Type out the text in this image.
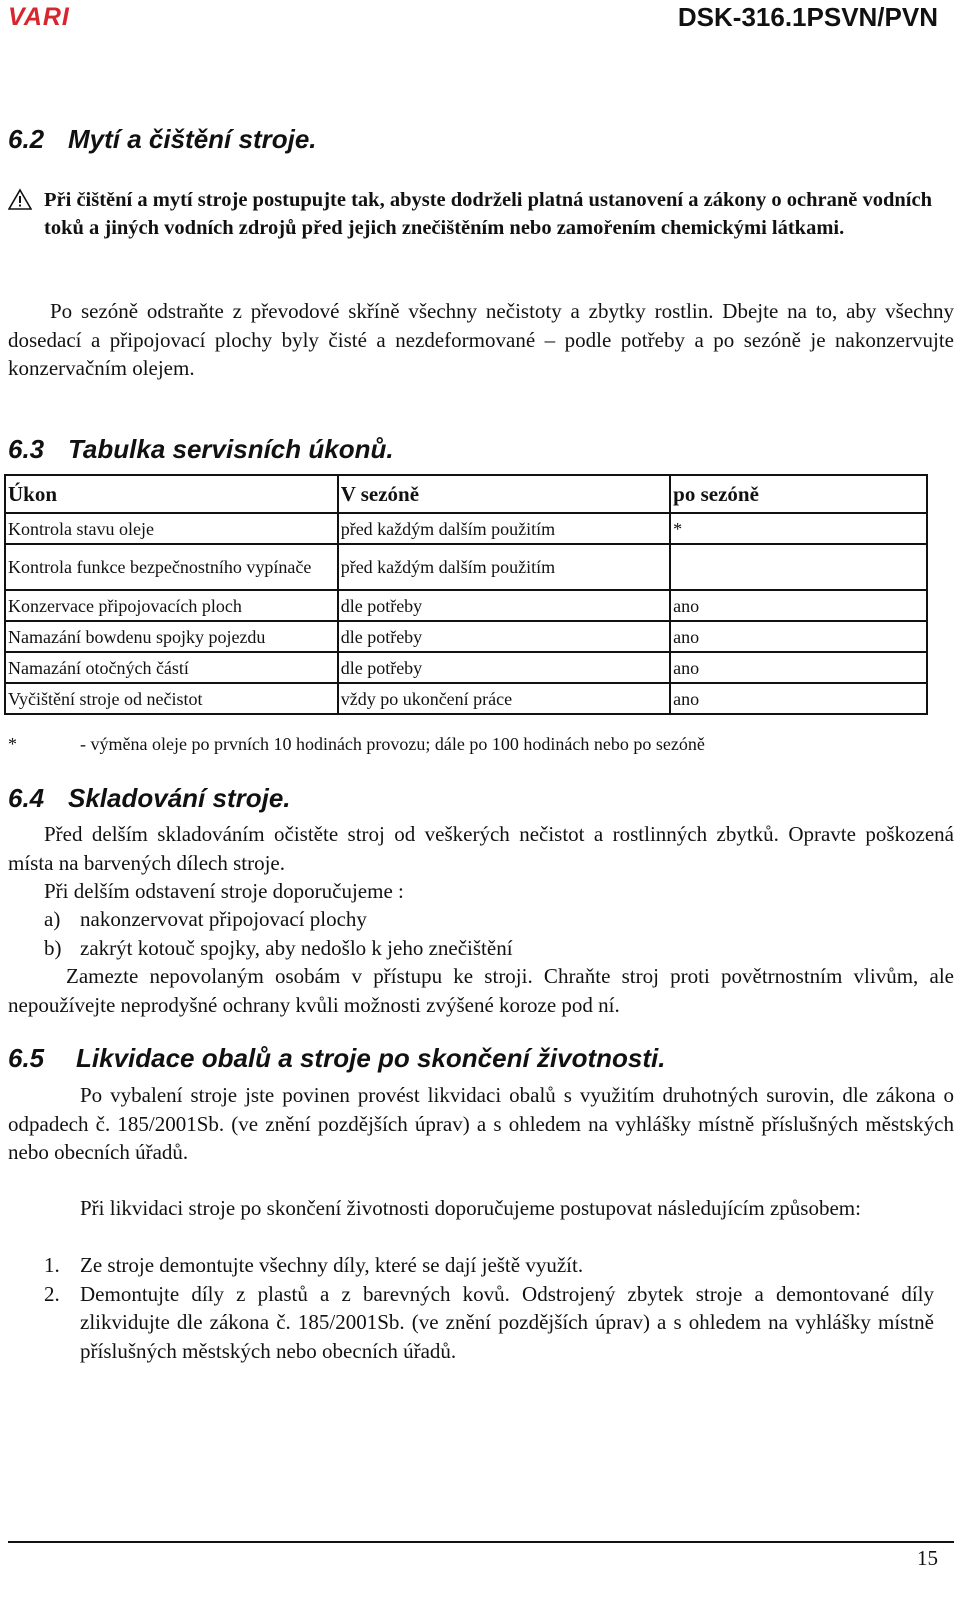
VARI	DSK-316.1PSVN/PVN
6.2 Mytí a čištění stroje.
Při čištění a mytí stroje postupujte tak, abyste dodrželi platná ustanovení a zákony o ochraně vodních toků a jiných vodních zdrojů před jejich znečištěním nebo zamořením chemickými látkami.
Po sezóně odstraňte z převodové skříně všechny nečistoty a zbytky rostlin. Dbejte na to, aby všechny dosedací a připojovací plochy byly čisté a nezdeformované – podle potřeby a po sezóně je nakonzervujte konzervačním olejem.
6.3 Tabulka servisních úkonů.
Úkon	V sezóně	po sezóně
Kontrola stavu oleje	před každým dalším použitím	*
Kontrola funkce bezpečnostního vypínače	před každým dalším použitím	
Konzervace připojovacích ploch	dle potřeby	ano
Namazání bowdenu spojky pojezdu	dle potřeby	ano
Namazání otočných částí	dle potřeby	ano
Vyčištění stroje od nečistot	vždy po ukončení práce	ano
*	- výměna oleje po prvních 10 hodinách provozu; dále po 100 hodinách nebo po sezóně
6.4 Skladování stroje.
Před delším skladováním očistěte stroj od veškerých nečistot a rostlinných zbytků. Opravte poškozená místa na barvených dílech stroje.
Při delším odstavení stroje doporučujeme :
a) nakonzervovat připojovací plochy
b) zakrýt kotouč spojky, aby nedošlo k jeho znečištění
Zamezte nepovolaným osobám v přístupu ke stroji. Chraňte stroj proti povětrnostním vlivům, ale nepoužívejte neprodyšné ochrany kvůli možnosti zvýšené koroze pod ní.
6.5 Likvidace obalů a stroje po skončení životnosti.
Po vybalení stroje jste povinen provést likvidaci obalů s využitím druhotných surovin, dle zákona o odpadech č. 185/2001Sb. (ve znění pozdějších úprav) a s ohledem na vyhlášky místně příslušných městských nebo obecních úřadů.
Při likvidaci stroje po skončení životnosti doporučujeme postupovat následujícím způsobem:
1. Ze stroje demontujte všechny díly, které se dají ještě využít.
2. Demontujte díly z plastů a z barevných kovů. Odstrojený zbytek stroje a demontované díly zlikvidujte dle zákona č. 185/2001Sb. (ve znění pozdějších úprav) a s ohledem na vyhlášky místně příslušných městských nebo obecních úřadů.
15
